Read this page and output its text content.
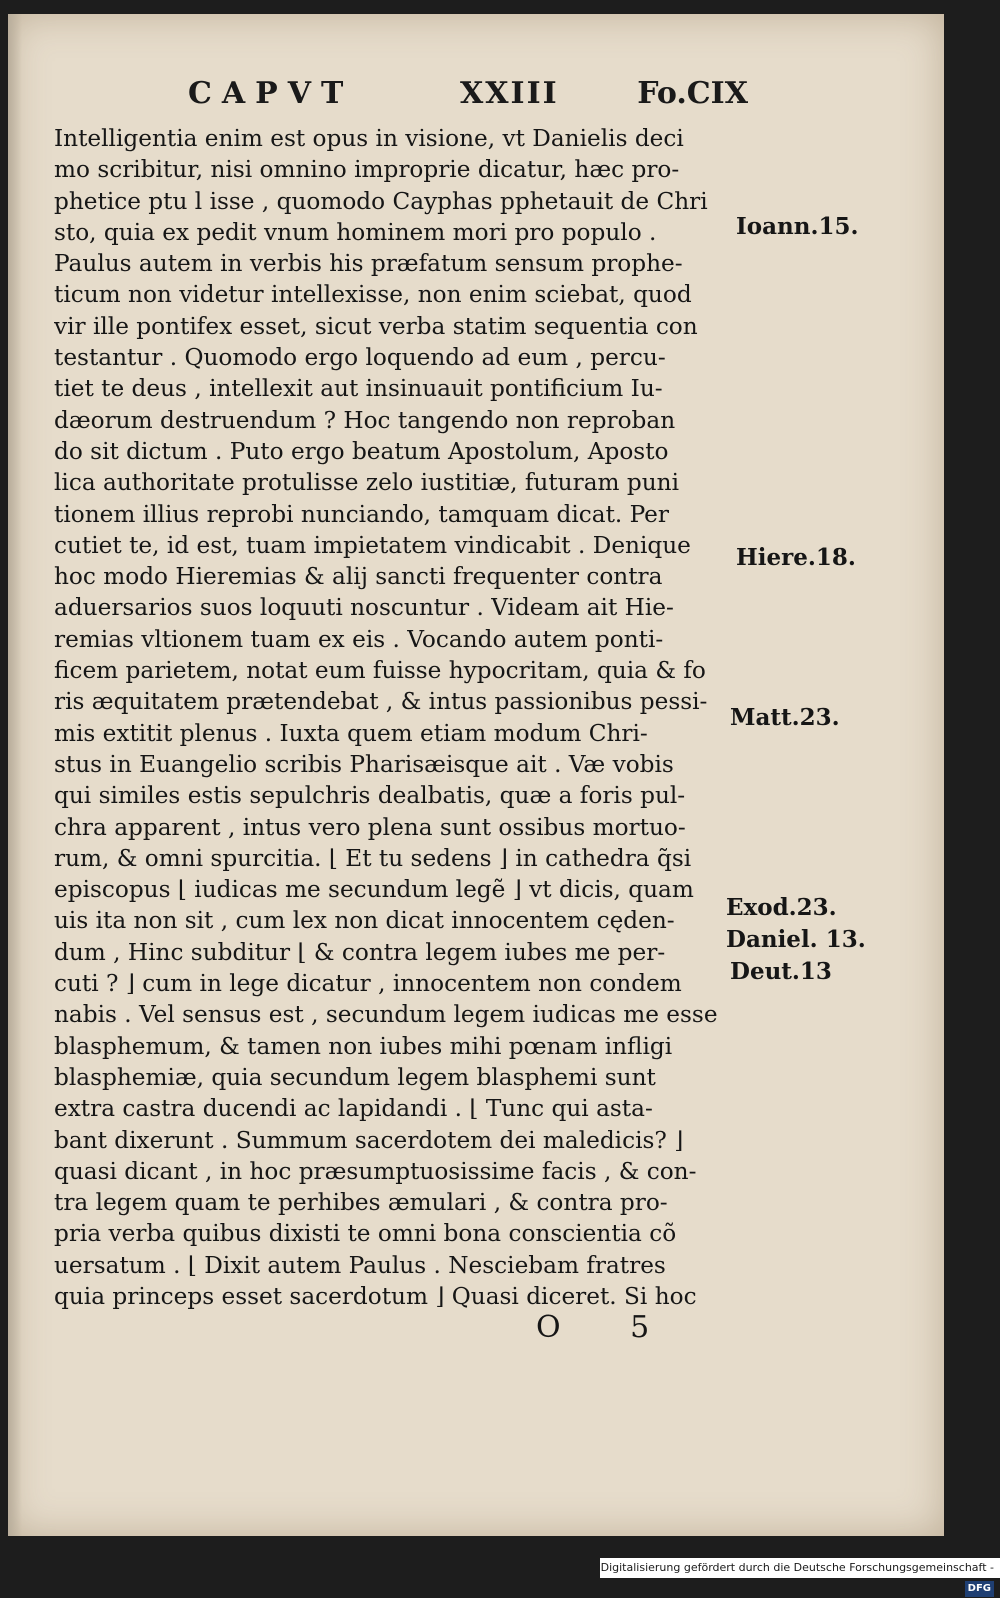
CAPVT	XXIII	Fo.CIX
Intelligentia enim est opus in visione, vt Danielis deci
mo scribitur, nisi omnino improprie dicatur, hæc pro-
phetice ptu l isse , quomodo Cayphas pphetauit de Chri
sto, quia ex pedit vnum hominem mori pro populo .
Paulus autem in verbis his præfatum sensum prophe-
ticum non videtur intellexisse, non enim sciebat, quod
vir ille pontifex esset, sicut verba statim sequentia con
testantur . Quomodo ergo loquendo ad eum , percu-
tiet te deus , intellexit aut insinuauit pontificium Iu-
dæorum destruendum ? Hoc tangendo non reproban
do sit dictum . Puto ergo beatum Apostolum, Aposto
lica authoritate protulisse zelo iustitiæ, futuram puni
tionem illius reprobi nunciando, tamquam dicat. Per
cutiet te, id est, tuam impietatem vindicabit . Denique
hoc modo Hieremias & alij sancti frequenter contra
aduersarios suos loquuti noscuntur . Videam ait Hie-
remias vltionem tuam ex eis . Vocando autem ponti-
ficem parietem, notat eum fuisse hypocritam, quia & fo
ris æquitatem prætendebat , & intus passionibus pessi-
mis extitit plenus . Iuxta quem etiam modum Chri-
stus in Euangelio scribis Pharisæisque ait . Væ vobis
qui similes estis sepulchris dealbatis, quæ a foris pul-
chra apparent , intus vero plena sunt ossibus mortuo-
rum, & omni spurcitia. ⌊ Et tu sedens ⌋ in cathedra q̃si
episcopus ⌊ iudicas me secundum legẽ ⌋ vt dicis, quam
uis ita non sit , cum lex non dicat innocentem cęden-
dum , Hinc subditur ⌊ & contra legem iubes me per-
cuti ? ⌋ cum in lege dicatur , innocentem non condem
nabis . Vel sensus est , secundum legem iudicas me esse
blasphemum, & tamen non iubes mihi pœnam infligi
blasphemiæ, quia secundum legem blasphemi sunt
extra castra ducendi ac lapidandi . ⌊ Tunc qui asta-
bant dixerunt . Summum sacerdotem dei maledicis? ⌋
quasi dicant , in hoc præsumptuosissime facis , & con-
tra legem quam te perhibes æmulari , & contra pro-
pria verba quibus dixisti te omni bona conscientia cõ
uersatum . ⌊ Dixit autem Paulus . Nesciebam fratres
quia princeps esset sacerdotum ⌋ Quasi diceret. Si hoc
Ioann.15.
Hiere.18.
Matt.23.
Exod.23.
Daniel. 13.
Deut.13
O 5
Digitalisierung gefördert durch die Deutsche Forschungsgemeinschaft - DFG
